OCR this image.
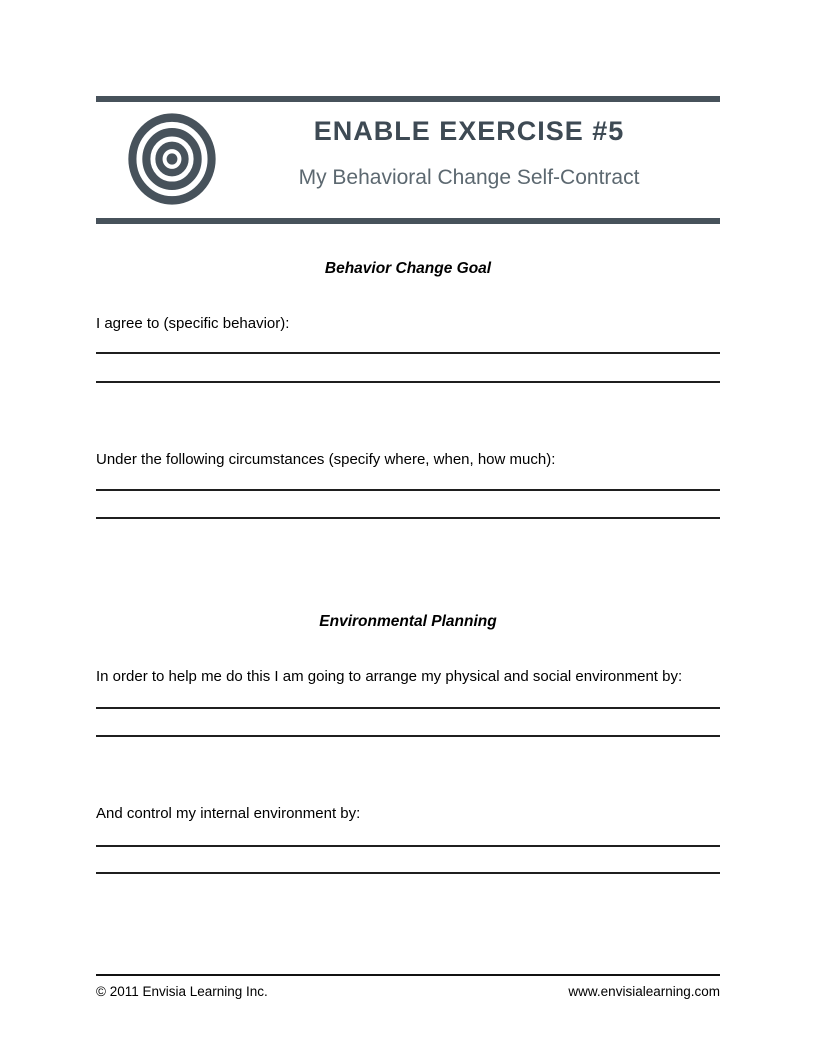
ENABLE EXERCISE #5
My Behavioral Change Self-Contract
Behavior Change Goal
I agree to (specific behavior):
Under the following circumstances (specify where, when, how much):
Environmental Planning
In order to help me do this I am going to arrange my physical and social environment by:
And control my internal environment by:
© 2011 Envisia Learning Inc.	www.envisialearning.com
